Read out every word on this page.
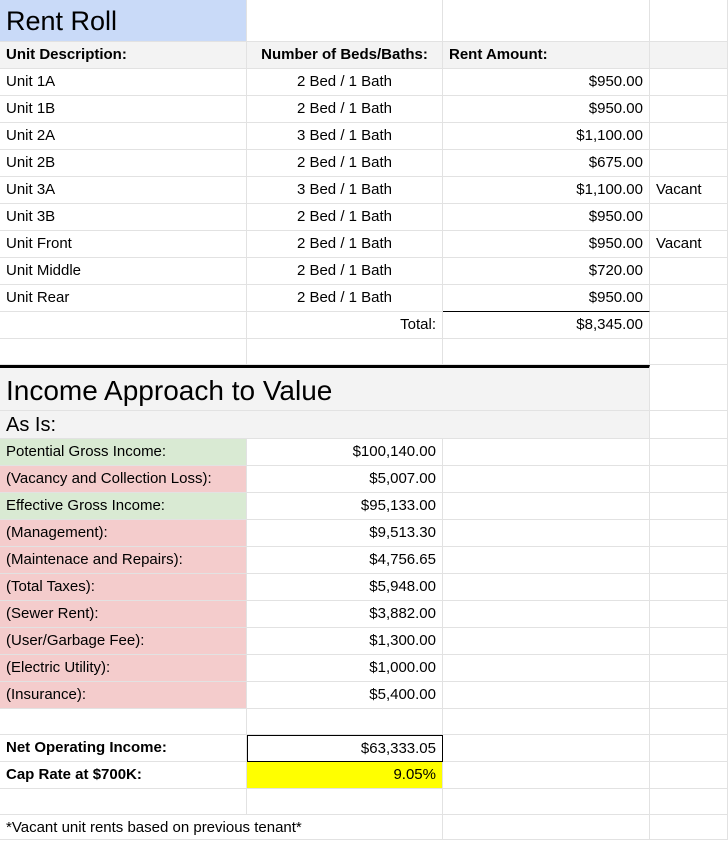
Rent Roll
Unit Description:	Number of Beds/Baths:	Rent Amount:
Unit 1A	2 Bed / 1 Bath	$950.00
Unit 1B	2 Bed / 1 Bath	$950.00
Unit 2A	3 Bed / 1 Bath	$1,100.00
Unit 2B	2 Bed / 1 Bath	$675.00
Unit 3A	3 Bed / 1 Bath	$1,100.00 Vacant
Unit 3B	2 Bed / 1 Bath	$950.00
Unit Front	2 Bed / 1 Bath	$950.00 Vacant
Unit Middle	2 Bed / 1 Bath	$720.00
Unit Rear	2 Bed / 1 Bath	$950.00
Total:	$8,345.00
Income Approach to Value
As Is:
Potential Gross Income:	$100,140.00
(Vacancy and Collection Loss):	$5,007.00
Effective Gross Income:	$95,133.00
(Management):	$9,513.30
(Maintenace and Repairs):	$4,756.65
(Total Taxes):	$5,948.00
(Sewer Rent):	$3,882.00
(User/Garbage Fee):	$1,300.00
(Electric Utility):	$1,000.00
(Insurance):	$5,400.00
Net Operating Income:	$63,333.05
Cap Rate at $700K:	9.05%
*Vacant unit rents based on previous tenant*
